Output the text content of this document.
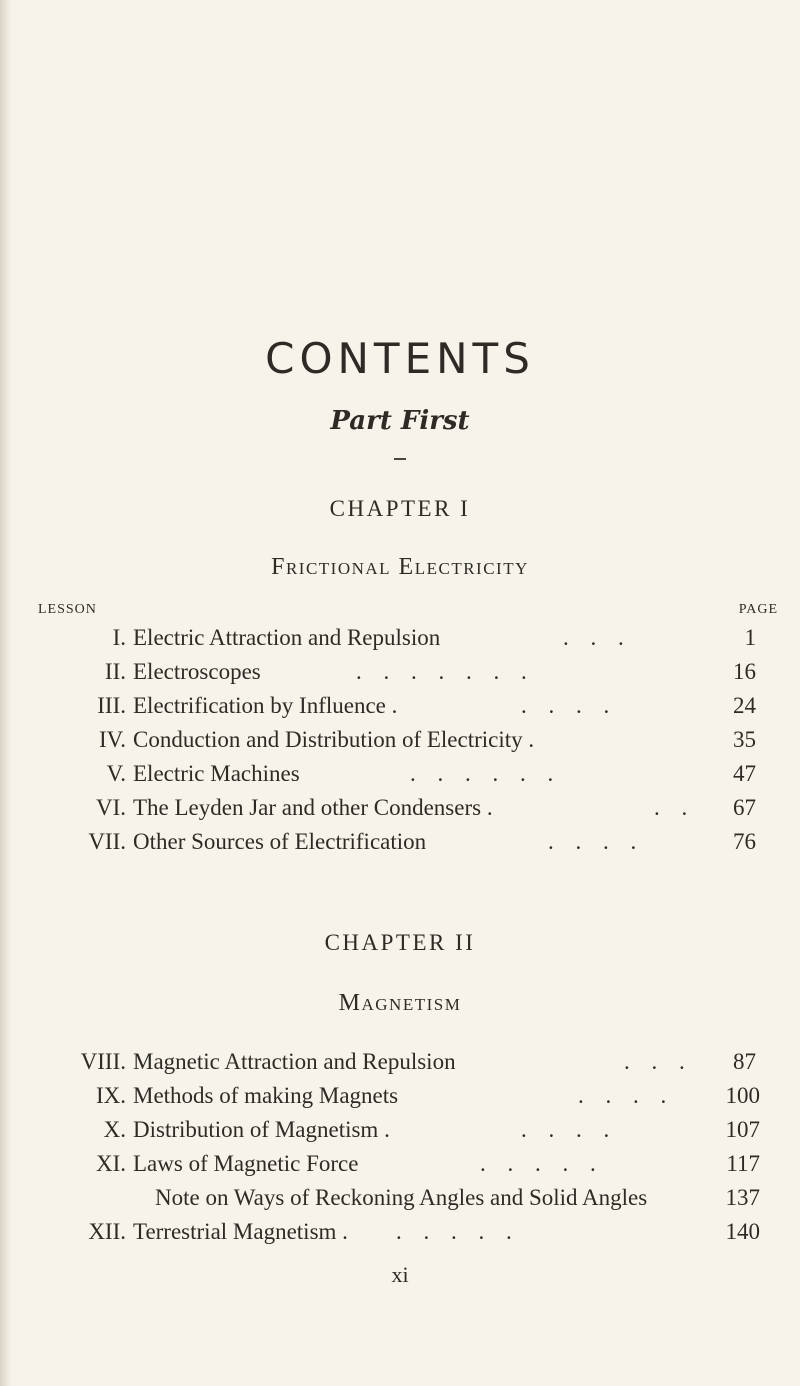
CONTENTS
Part First
CHAPTER I
Frictional Electricity
LESSON	PAGE
I. Electric Attraction and Repulsion	. . .	1
II. Electroscopes	. . . . . . .	16
III. Electrification by Influence .	. . . .	24
IV. Conduction and Distribution of Electricity .	35
V. Electric Machines	. . . . . .	47
VI. The Leyden Jar and other Condensers .	. . 67
VII. Other Sources of Electrification	. . . .	76
CHAPTER II
Magnetism
VIII. Magnetic Attraction and Repulsion	. . . 87
IX. Methods of making Magnets	. . . . 100
X. Distribution of Magnetism .	. . . .	107
XI. Laws of Magnetic Force	. . . . .	117
Note on Ways of Reckoning Angles and Solid Angles	137
XII. Terrestrial Magnetism . . . . . .	140
xi
